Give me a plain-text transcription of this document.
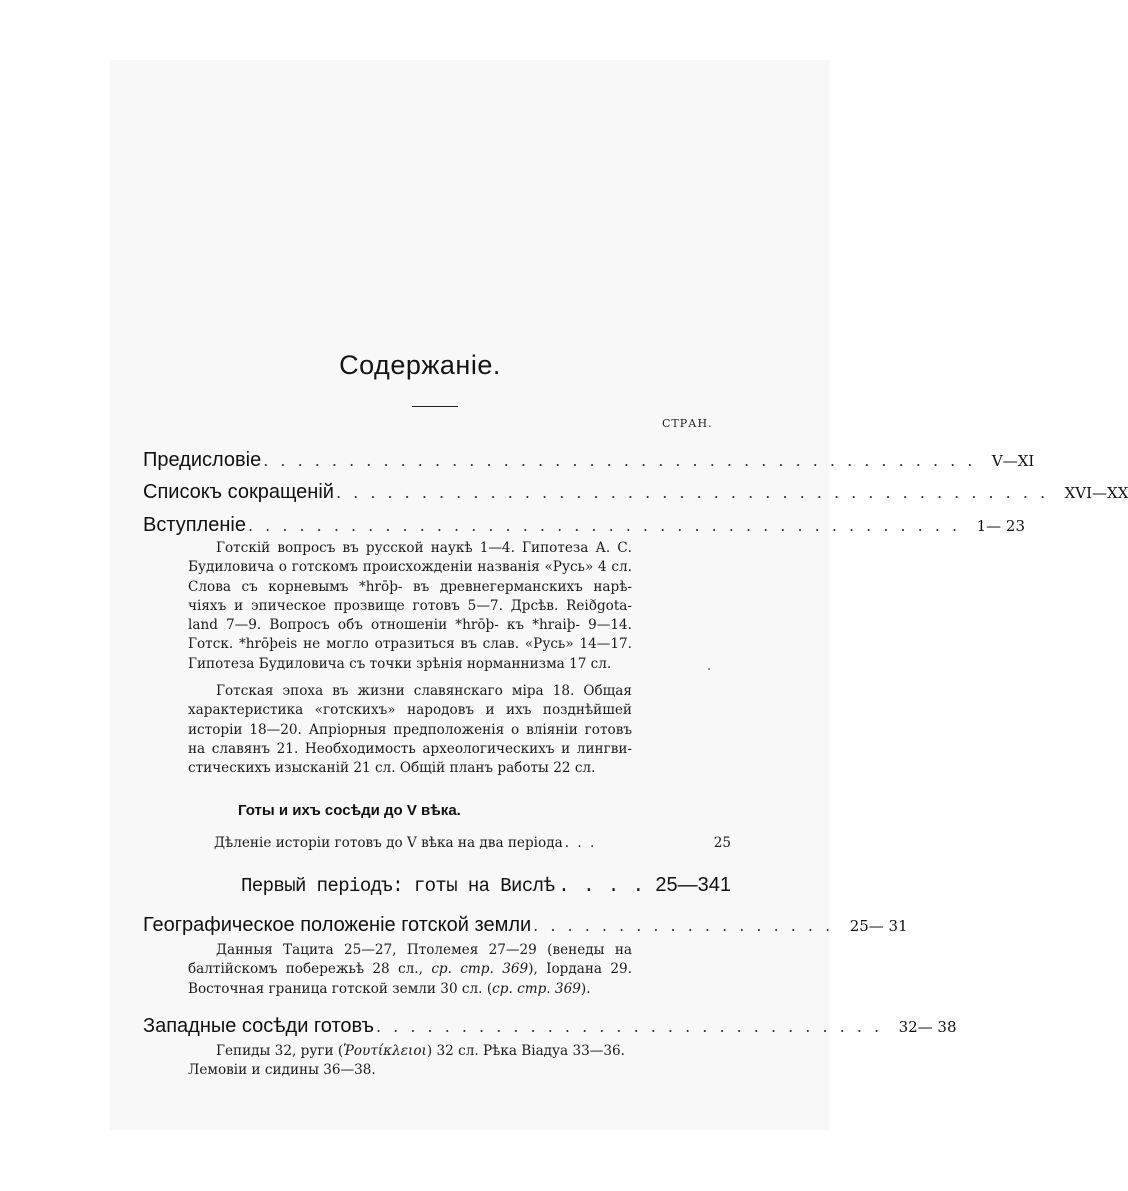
Содержанiе.
СТРАН.
Предисловiе . . . . . . . . . . . . . . . . . . . . . . . . . . . . . . . . . . . . . . . . . . V—XI
Списокъ сокращенiй . . . . . . . . . . . . . . . . . . . . . . . . . . . . . . . . . . . . . . . . . . XVI—XX
Вступленiе . . . . . . . . . . . . . . . . . . . . . . . . . . . . . . . . . . . . . . . . . . 1— 23
Готскiй вопросъ въ русской наукѣ 1—4. Гипотеза А. С.
Будиловича о готскомъ происхожденiи названiя «Русь» 4 сл.
Слова съ корневымъ *hrōþ- въ древнегерманскихъ нарѣ-
чiяхъ и эпическое прозвище готовъ 5—7. Дрсѣв. Reiðgota-
land 7—9. Вопросъ объ отношенiи *hrōþ- къ *hraiþ- 9—14.
Готск. *hrōþeis не могло отразиться въ слав. «Русь» 14—17.
Гипотеза Будиловича съ точки зрѣнiя норманнизма 17 сл.
Готская эпоха въ жизни славянскаго мiра 18. Общая
характеристика «готскихъ» народовъ и ихъ позднѣйшей
исторiи 18—20. Апрiорныя предположенiя о влiянiи готовъ
на славянъ 21. Необходимость археологическихъ и лингви-
стическихъ изысканiй 21 сл. Общiй планъ работы 22 сл.
Готы и ихъ сосѣди до V вѣка.
Дѣленiе исторiи готовъ до V вѣка на два перiода . . .	25
Первый перiодъ: готы на Вислѣ . . . . 25—341
Географическое положенiе готской земли . . . . . . . . . . . . . . . . . . 25— 31
Данныя Тацита 25—27, Птолемея 27—29 (венеды на
балтiйскомъ побережьѣ 28 сл., ср. стр. 369), Iордана 29.
Восточная граница готской земли 30 сл. (ср. стр. 369).
Западные сосѣди готовъ . . . . . . . . . . . . . . . . . . . . . . . . . . . . . . 32— 38
Гепиды 32, руги (Ῥουτίκλειοι) 32 сл. Рѣка Вiадуа 33—36.
Лемовiи и сидины 36—38.
